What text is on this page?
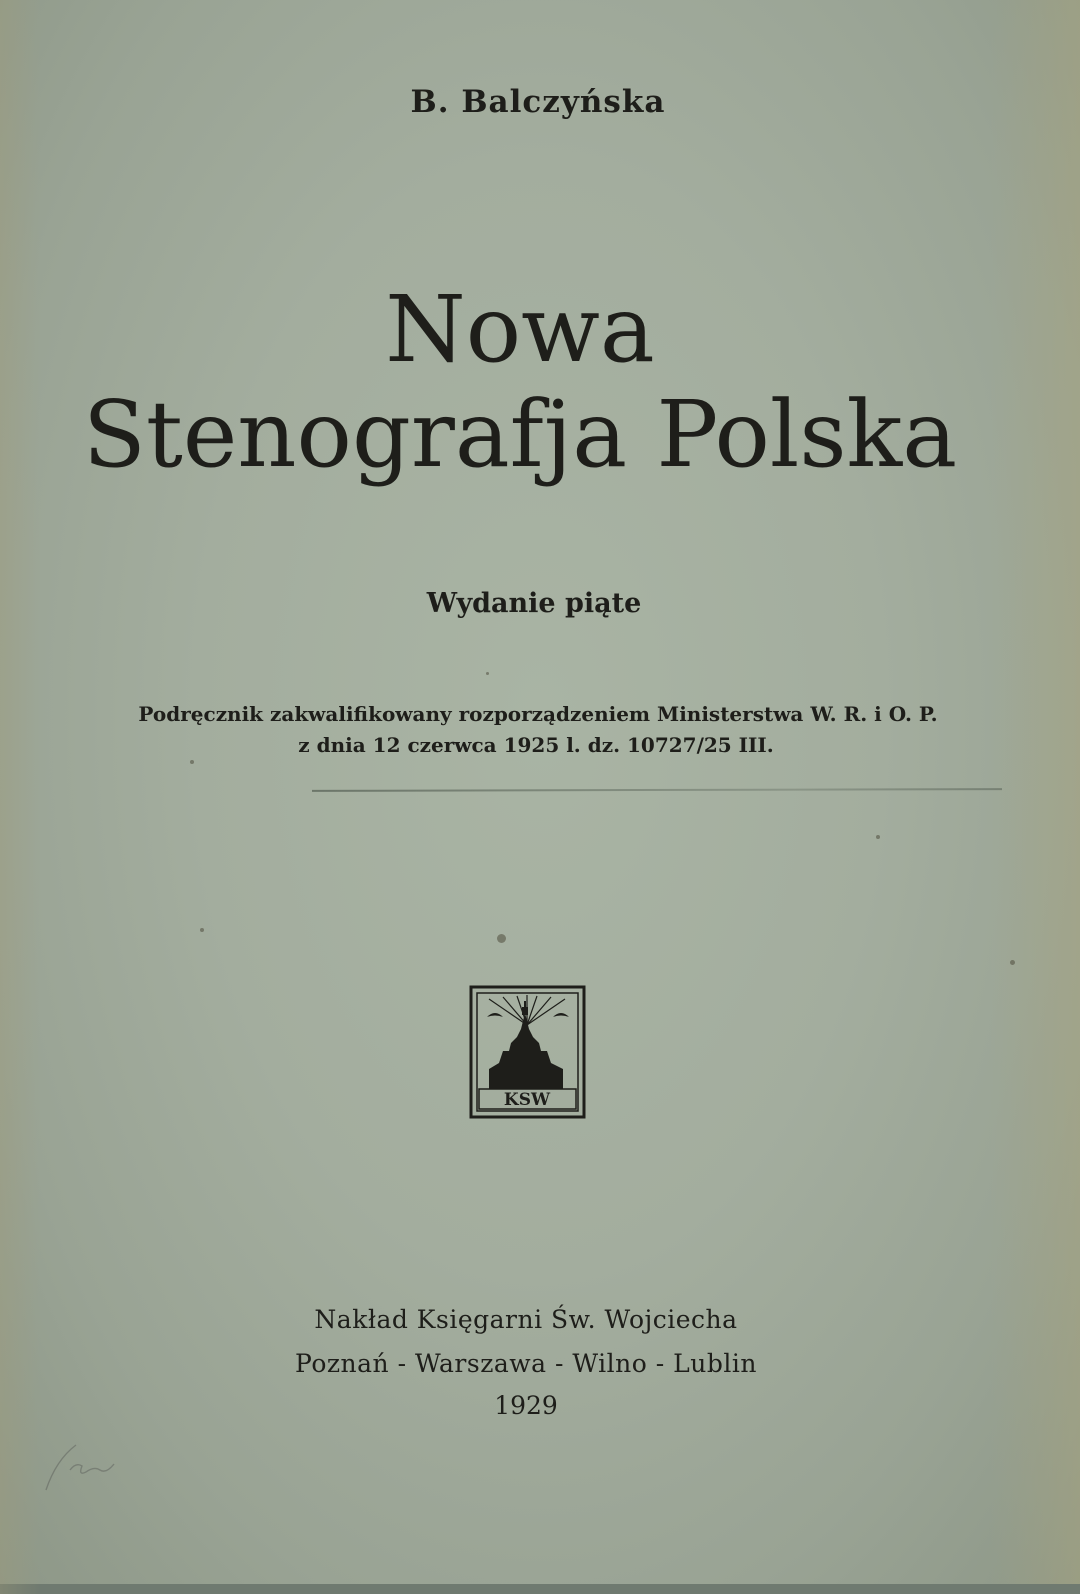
B. Balczyńska
Nowa
Stenografja Polska
Wydanie piąte
Podręcznik zakwalifikowany rozporządzeniem Ministerstwa W. R. i O. P.
z dnia 12 czerwca 1925 l. dz. 10727/25 III.
KSW
Nakład Księgarni Św. Wojciecha
Poznań - Warszawa - Wilno - Lublin
1929
